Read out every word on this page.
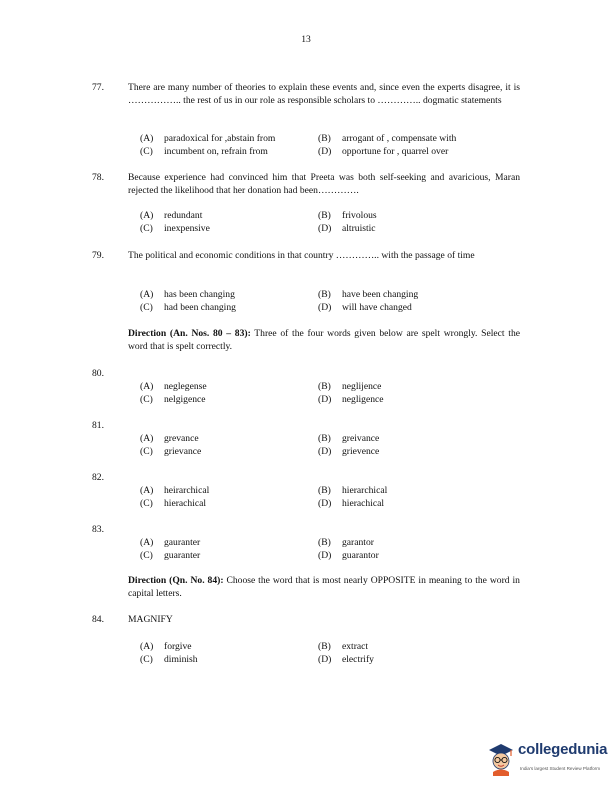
13
77.	There are many number of theories to explain these events and, since even the experts disagree, it is …………….. the rest of us in our role as responsible scholars to ………….. dogmatic statements
(A) paradoxical for ,abstain from	(B) arrogant of , compensate with
(C) incumbent on, refrain from	(D) opportune for , quarrel over
78.	Because experience had convinced him that Preeta was both self-seeking and avaricious, Maran rejected the likelihood that her donation had been………….
(A) redundant	(B) frivolous
(C) inexpensive	(D) altruistic
79.	The political and economic conditions in that country ………….. with the passage of time
(A) has been changing	(B) have been changing
(C) had been changing	(D) will have changed
Direction (An. Nos. 80 – 83): Three of the four words given below are spelt wrongly. Select the word that is spelt correctly.
80.
(A) neglegense	(B) neglijence
(C) nelgigence	(D) negligence
81.
(A) grevance	(B) greivance
(C) grievance	(D) grievence
82.
(A) heirarchical	(B) hierarchical
(C) hierachical	(D) hierachical
83.
(A) gauranter	(B) garantor
(C) guaranter	(D) guarantor
Direction (Qn. No. 84): Choose the word that is most nearly OPPOSITE in meaning to the word in capital letters.
84.	MAGNIFY
(A) forgive	(B) extract
(C) diminish	(D) electrify
collegedunia
India's largest Student Review Platform
